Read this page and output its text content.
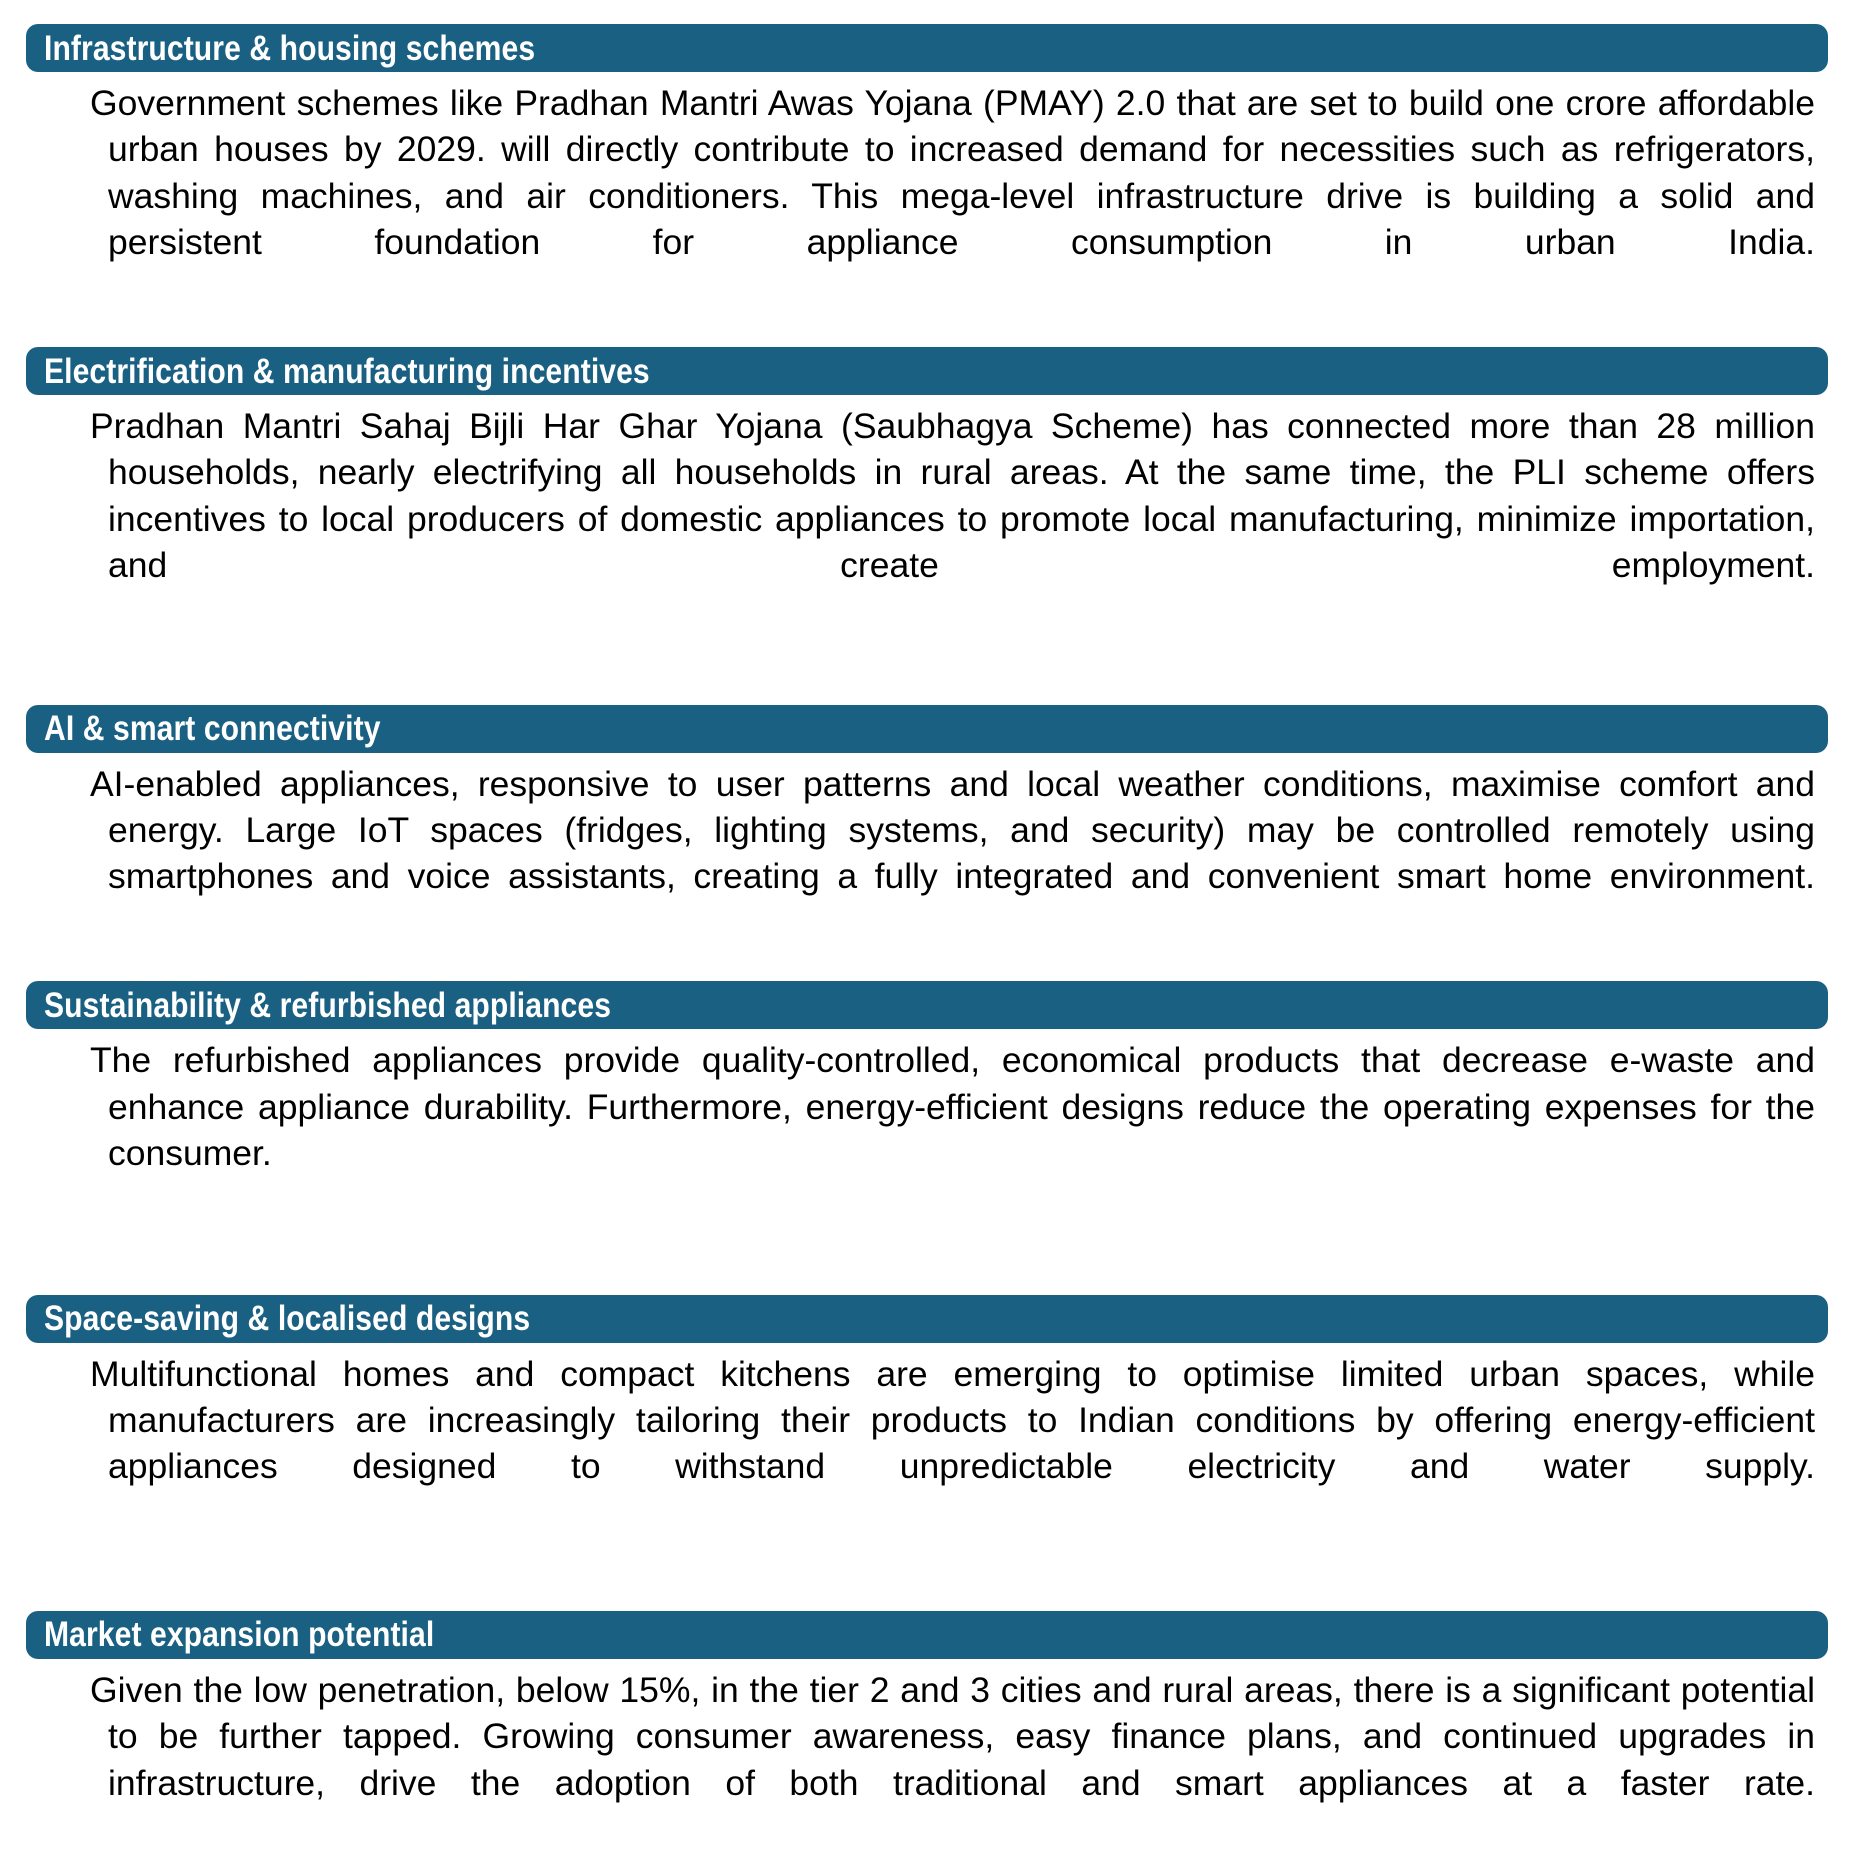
Infrastructure & housing schemes

Government schemes like Pradhan Mantri Awas Yojana (PMAY) 2.0 that are set to build one crore affordable urban houses by 2029. will directly contribute to increased demand for necessities such as refrigerators, washing machines, and air conditioners. This mega-level infrastructure drive is building a solid and persistent foundation for appliance consumption in urban India.

Electrification & manufacturing incentives

Pradhan Mantri Sahaj Bijli Har Ghar Yojana (Saubhagya Scheme) has connected more than 28 million households, nearly electrifying all households in rural areas. At the same time, the PLI scheme offers incentives to local producers of domestic appliances to promote local manufacturing, minimize importation, and create employment.

AI & smart connectivity

AI-enabled appliances, responsive to user patterns and local weather conditions, maximise comfort and energy. Large IoT spaces (fridges, lighting systems, and security) may be controlled remotely using smartphones and voice assistants, creating a fully integrated and convenient smart home environment.

Sustainability & refurbished appliances

The refurbished appliances provide quality-controlled, economical products that decrease e-waste and enhance appliance durability. Furthermore, energy-efficient designs reduce the operating expenses for the consumer.

Space-saving & localised designs

Multifunctional homes and compact kitchens are emerging to optimise limited urban spaces, while manufacturers are increasingly tailoring their products to Indian conditions by offering energy-efficient appliances designed to withstand unpredictable electricity and water supply.

Market expansion potential

Given the low penetration, below 15%, in the tier 2 and 3 cities and rural areas, there is a significant potential to be further tapped. Growing consumer awareness, easy finance plans, and continued upgrades in infrastructure, drive the adoption of both traditional and smart appliances at a faster rate.
